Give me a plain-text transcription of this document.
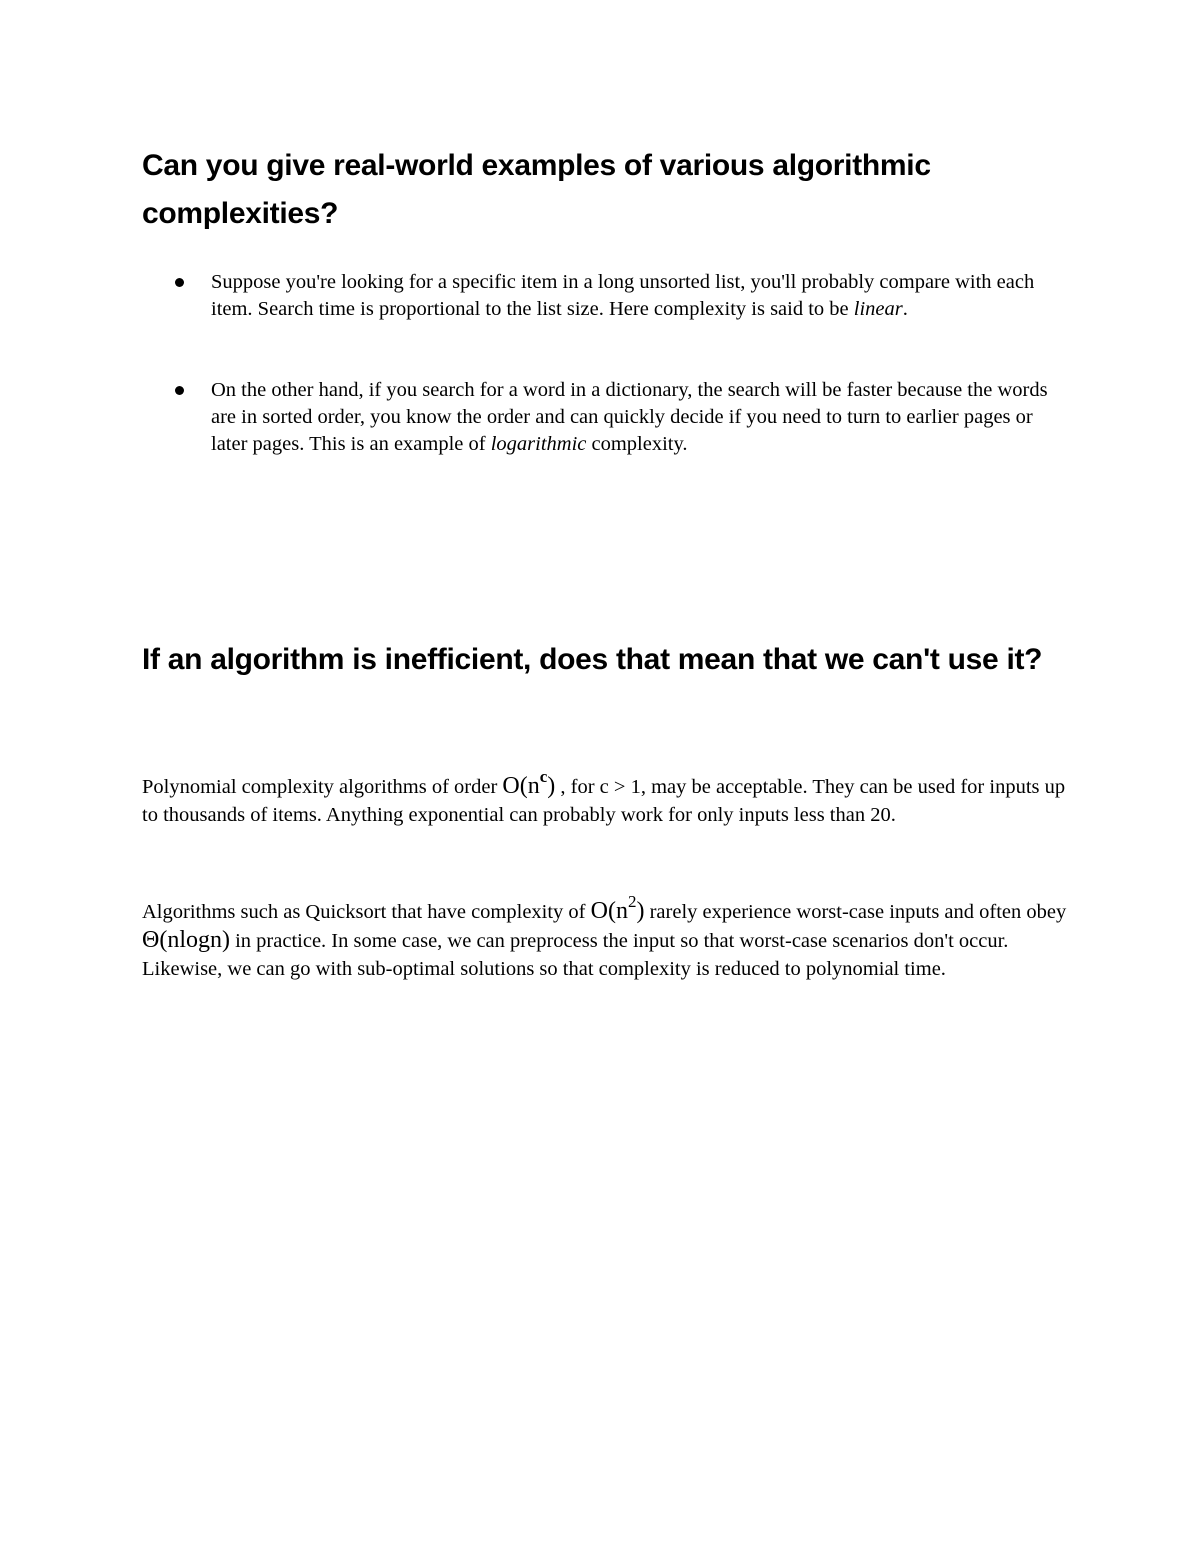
Can you give real-world examples of various algorithmic complexities?
Suppose you're looking for a specific item in a long unsorted list, you'll probably compare with each item. Search time is proportional to the list size. Here complexity is said to be linear.
On the other hand, if you search for a word in a dictionary, the search will be faster because the words are in sorted order, you know the order and can quickly decide if you need to turn to earlier pages or later pages. This is an example of logarithmic complexity.
If an algorithm is inefficient, does that mean that we can't use it?

Polynomial complexity algorithms of order $O(n^c)$ , for c > 1, may be acceptable. They can be used for inputs up to thousands of items. Anything exponential can probably work for only inputs less than 20.

Algorithms such as Quicksort that have complexity of $O(n^2)$ rarely experience worst-case inputs and often obey Θ(nlogn) in practice. In some case, we can preprocess the input so that worst-case scenarios don't occur. Likewise, we can go with sub-optimal solutions so that complexity is reduced to polynomial time.
